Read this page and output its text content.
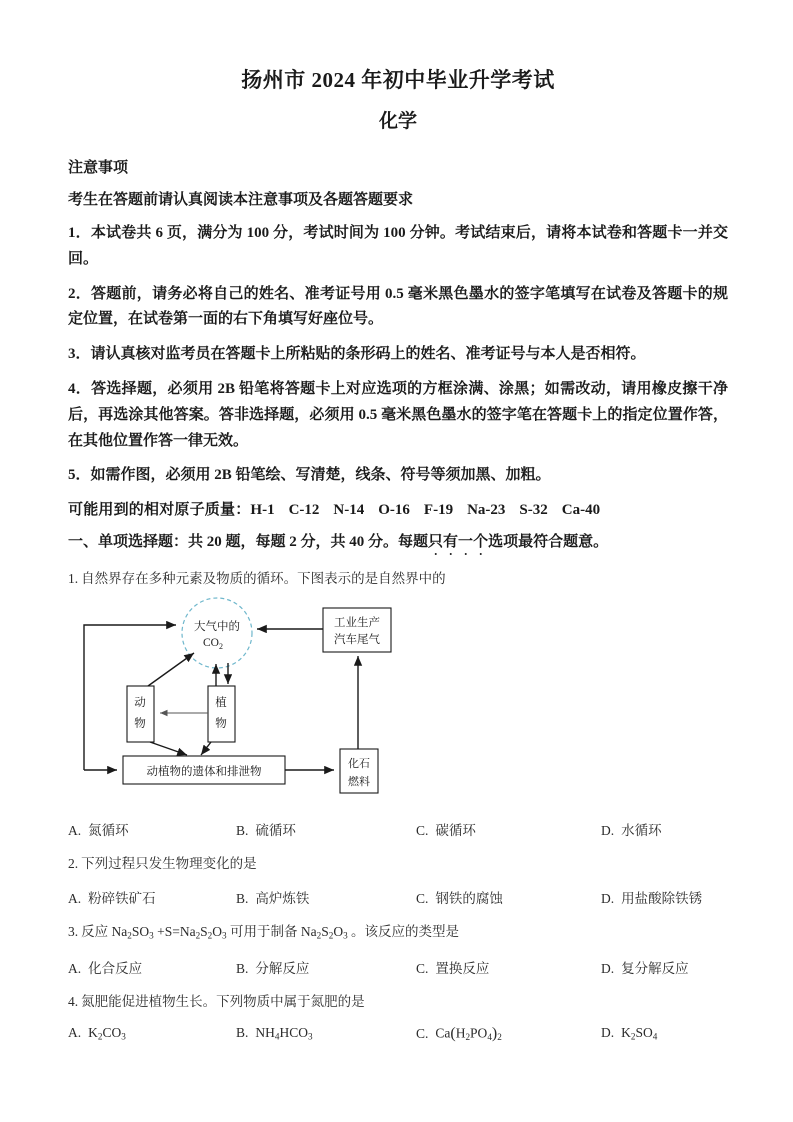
扬州市 2024 年初中毕业升学考试
化学
注意事项
考生在答题前请认真阅读本注意事项及各题答题要求
1．本试卷共 6 页，满分为 100 分，考试时间为 100 分钟。考试结束后，请将本试卷和答题卡一并交回。
2．答题前，请务必将自己的姓名、准考证号用 0.5 毫米黑色墨水的签字笔填写在试卷及答题卡的规定位置，在试卷第一面的右下角填写好座位号。
3．请认真核对监考员在答题卡上所粘贴的条形码上的姓名、准考证号与本人是否相符。
4．答选择题，必须用 2B 铅笔将答题卡上对应选项的方框涂满、涂黑；如需改动，请用橡皮擦干净后，再选涂其他答案。答非选择题，必须用 0.5 毫米黑色墨水的签字笔在答题卡上的指定位置作答，在其他位置作答一律无效。
5．如需作图，必须用 2B 铅笔绘、写清楚，线条、符号等须加黑、加粗。
可能用到的相对原子质量：H-1 C-12 N-14 O-16 F-19 Na-23 S-32 Ca-40
一、单项选择题：共 20 题，每题 2 分，共 40 分。每题只有一个选项最符合题意。
1. 自然界存在多种元素及物质的循环。下图表示的是自然界中的
大气中的
$CO_2$
工业生产
汽车尾气
动
物
植
物
动植物的遗体和排泄物
化石
燃料
A. 氮循环	B. 硫循环	C. 碳循环	D. 水循环
2. 下列过程只发生物理变化的是
A. 粉碎铁矿石	B. 高炉炼铁	C. 钢铁的腐蚀	D. 用盐酸除铁锈
3. 反应 $Na_2SO_3 +S=Na_2S_2O_3$ 可用于制备 $Na_2S_2O_3$ 。该反应的类型是
A. 化合反应	B. 分解反应	C. 置换反应	D. 复分解反应
4. 氮肥能促进植物生长。下列物质中属于氮肥的是
A. $K_2CO_3$	B. $NH_4HCO_3$	C. $Ca(H_2PO_4)_2$	D. $K_2SO_4$
